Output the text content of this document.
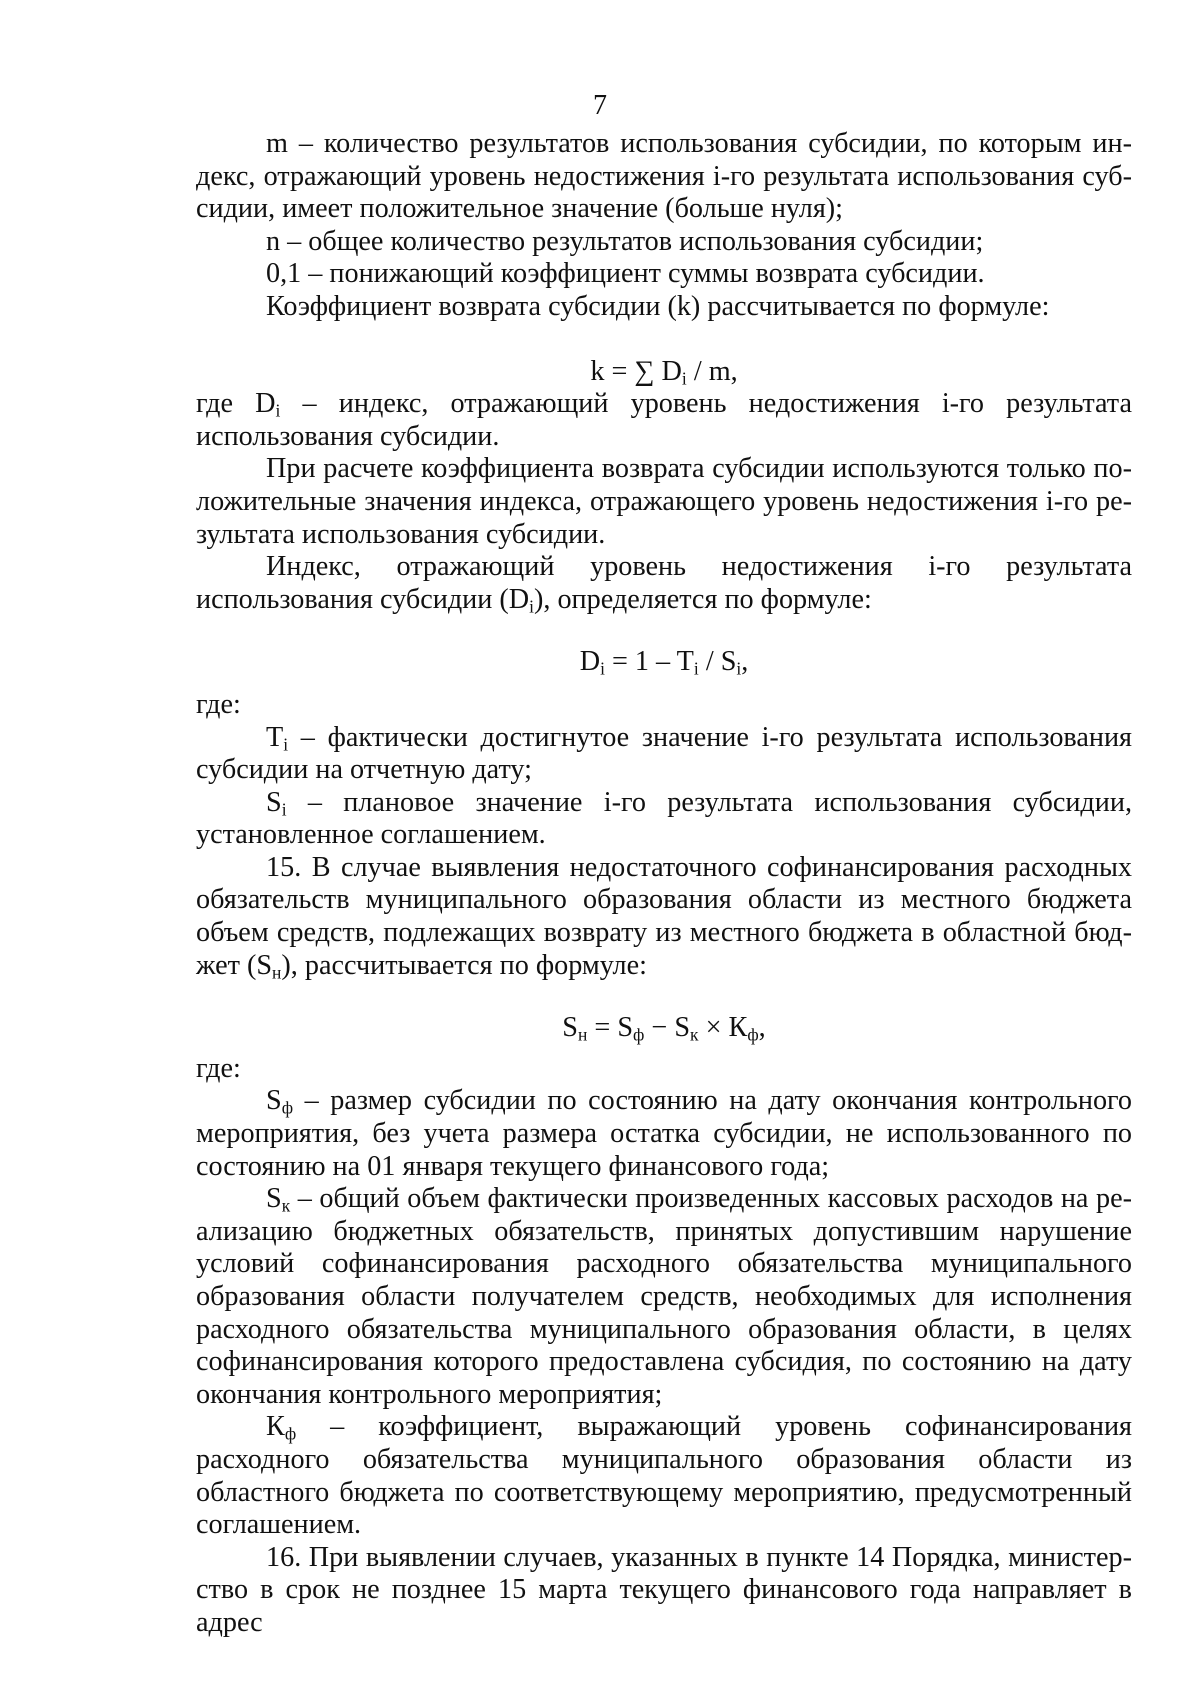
7

m – количество результатов использования субсидии, по которым индекс, отражающий уровень недостижения i-го результата использования субсидии, имеет положительное значение (больше нуля);

n – общее количество результатов использования субсидии;

0,1 – понижающий коэффициент суммы возврата субсидии.

Коэффициент возврата субсидии (k) рассчитывается по формуле:

k = ∑ $D_i$ / m,

где $D_i$ – индекс, отражающий уровень недостижения i-го результата использования субсидии.

При расчете коэффициента возврата субсидии используются только положительные значения индекса, отражающего уровень недостижения i-го результата использования субсидии.

Индекс, отражающий уровень недостижения i-го результата использования субсидии $(D_i)$, определяется по формуле:

$D_i = 1 - T_i / S_i$,

где:

$T_i$ – фактически достигнутое значение i-го результата использования субсидии на отчетную дату;

$S_i$ – плановое значение i-го результата использования субсидии, установленное соглашением.

15. В случае выявления недостаточного софинансирования расходных обязательств муниципального образования области из местного бюджета объем средств, подлежащих возврату из местного бюджета в областной бюджет $(S_н)$, рассчитывается по формуле:

$S_н = S_ф - S_к \times К_ф$,

где:

$S_ф$ – размер субсидии по состоянию на дату окончания контрольного мероприятия, без учета размера остатка субсидии, не использованного по состоянию на 01 января текущего финансового года;

$S_к$ – общий объем фактически произведенных кассовых расходов на реализацию бюджетных обязательств, принятых допустившим нарушение условий софинансирования расходного обязательства муниципального образования области получателем средств, необходимых для исполнения расходного обязательства муниципального образования области, в целях софинансирования которого предоставлена субсидия, по состоянию на дату окончания контрольного мероприятия;

$К_ф$ – коэффициент, выражающий уровень софинансирования расходного обязательства муниципального образования области из областного бюджета по соответствующему мероприятию, предусмотренный соглашением.

16. При выявлении случаев, указанных в пункте 14 Порядка, министерство в срок не позднее 15 марта текущего финансового года направляет в адрес
